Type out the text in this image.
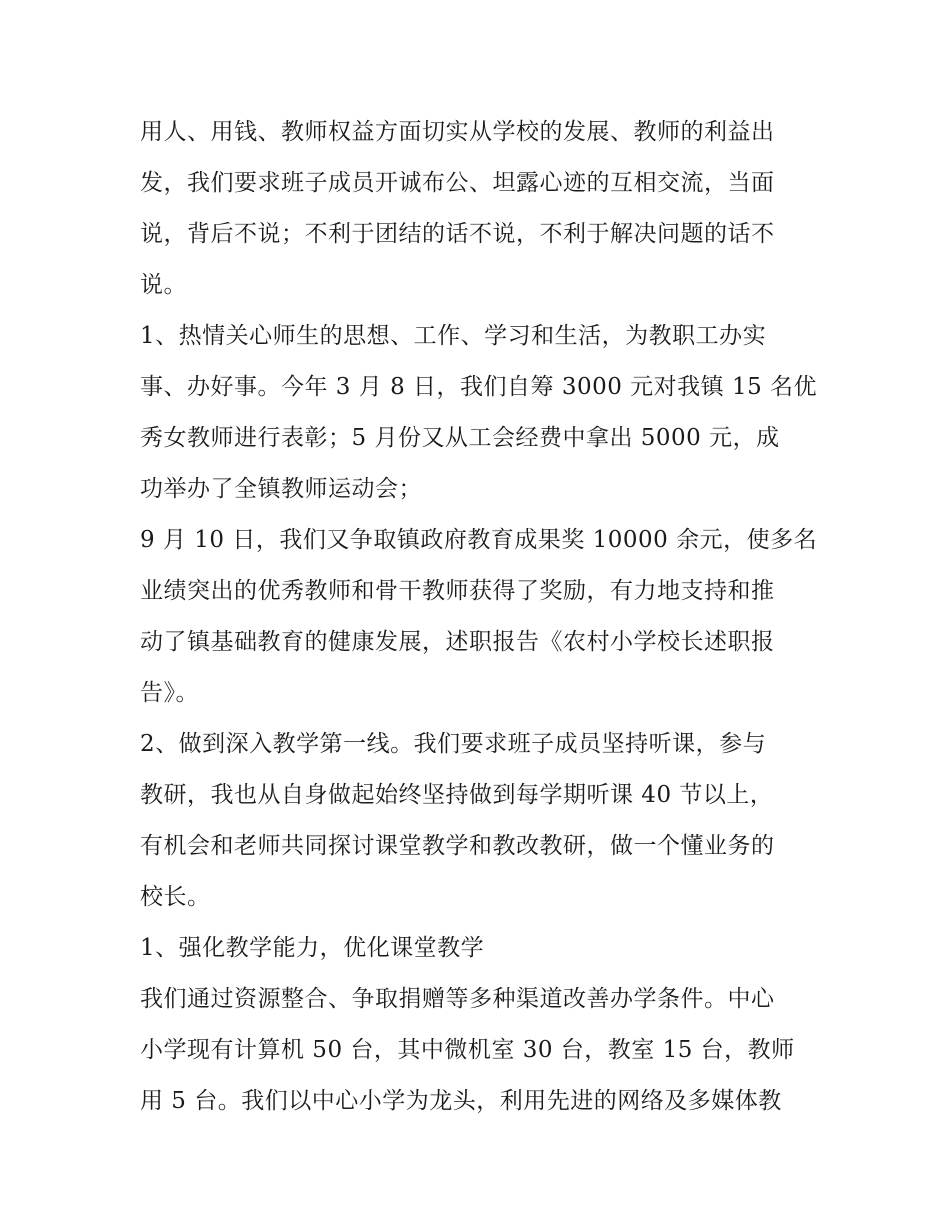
用人、用钱、教师权益方面切实从学校的发展、教师的利益出
发，我们要求班子成员开诚布公、坦露心迹的互相交流，当面
说，背后不说；不利于团结的话不说，不利于解决问题的话不
说。
1、热情关心师生的思想、工作、学习和生活，为教职工办实
事、办好事。今年 3 月 8 日，我们自筹 3000 元对我镇 15 名优
秀女教师进行表彰；5 月份又从工会经费中拿出 5000 元，成
功举办了全镇教师运动会；
9 月 10 日，我们又争取镇政府教育成果奖 10000 余元，使多名
业绩突出的优秀教师和骨干教师获得了奖励，有力地支持和推
动了镇基础教育的健康发展，述职报告《农村小学校长述职报
告》。
2、做到深入教学第一线。我们要求班子成员坚持听课，参与
教研，我也从自身做起始终坚持做到每学期听课 40 节以上，
有机会和老师共同探讨课堂教学和教改教研，做一个懂业务的
校长。
1、强化教学能力，优化课堂教学
我们通过资源整合、争取捐赠等多种渠道改善办学条件。中心
小学现有计算机 50 台，其中微机室 30 台，教室 15 台，教师
用 5 台。我们以中心小学为龙头，利用先进的网络及多媒体教
